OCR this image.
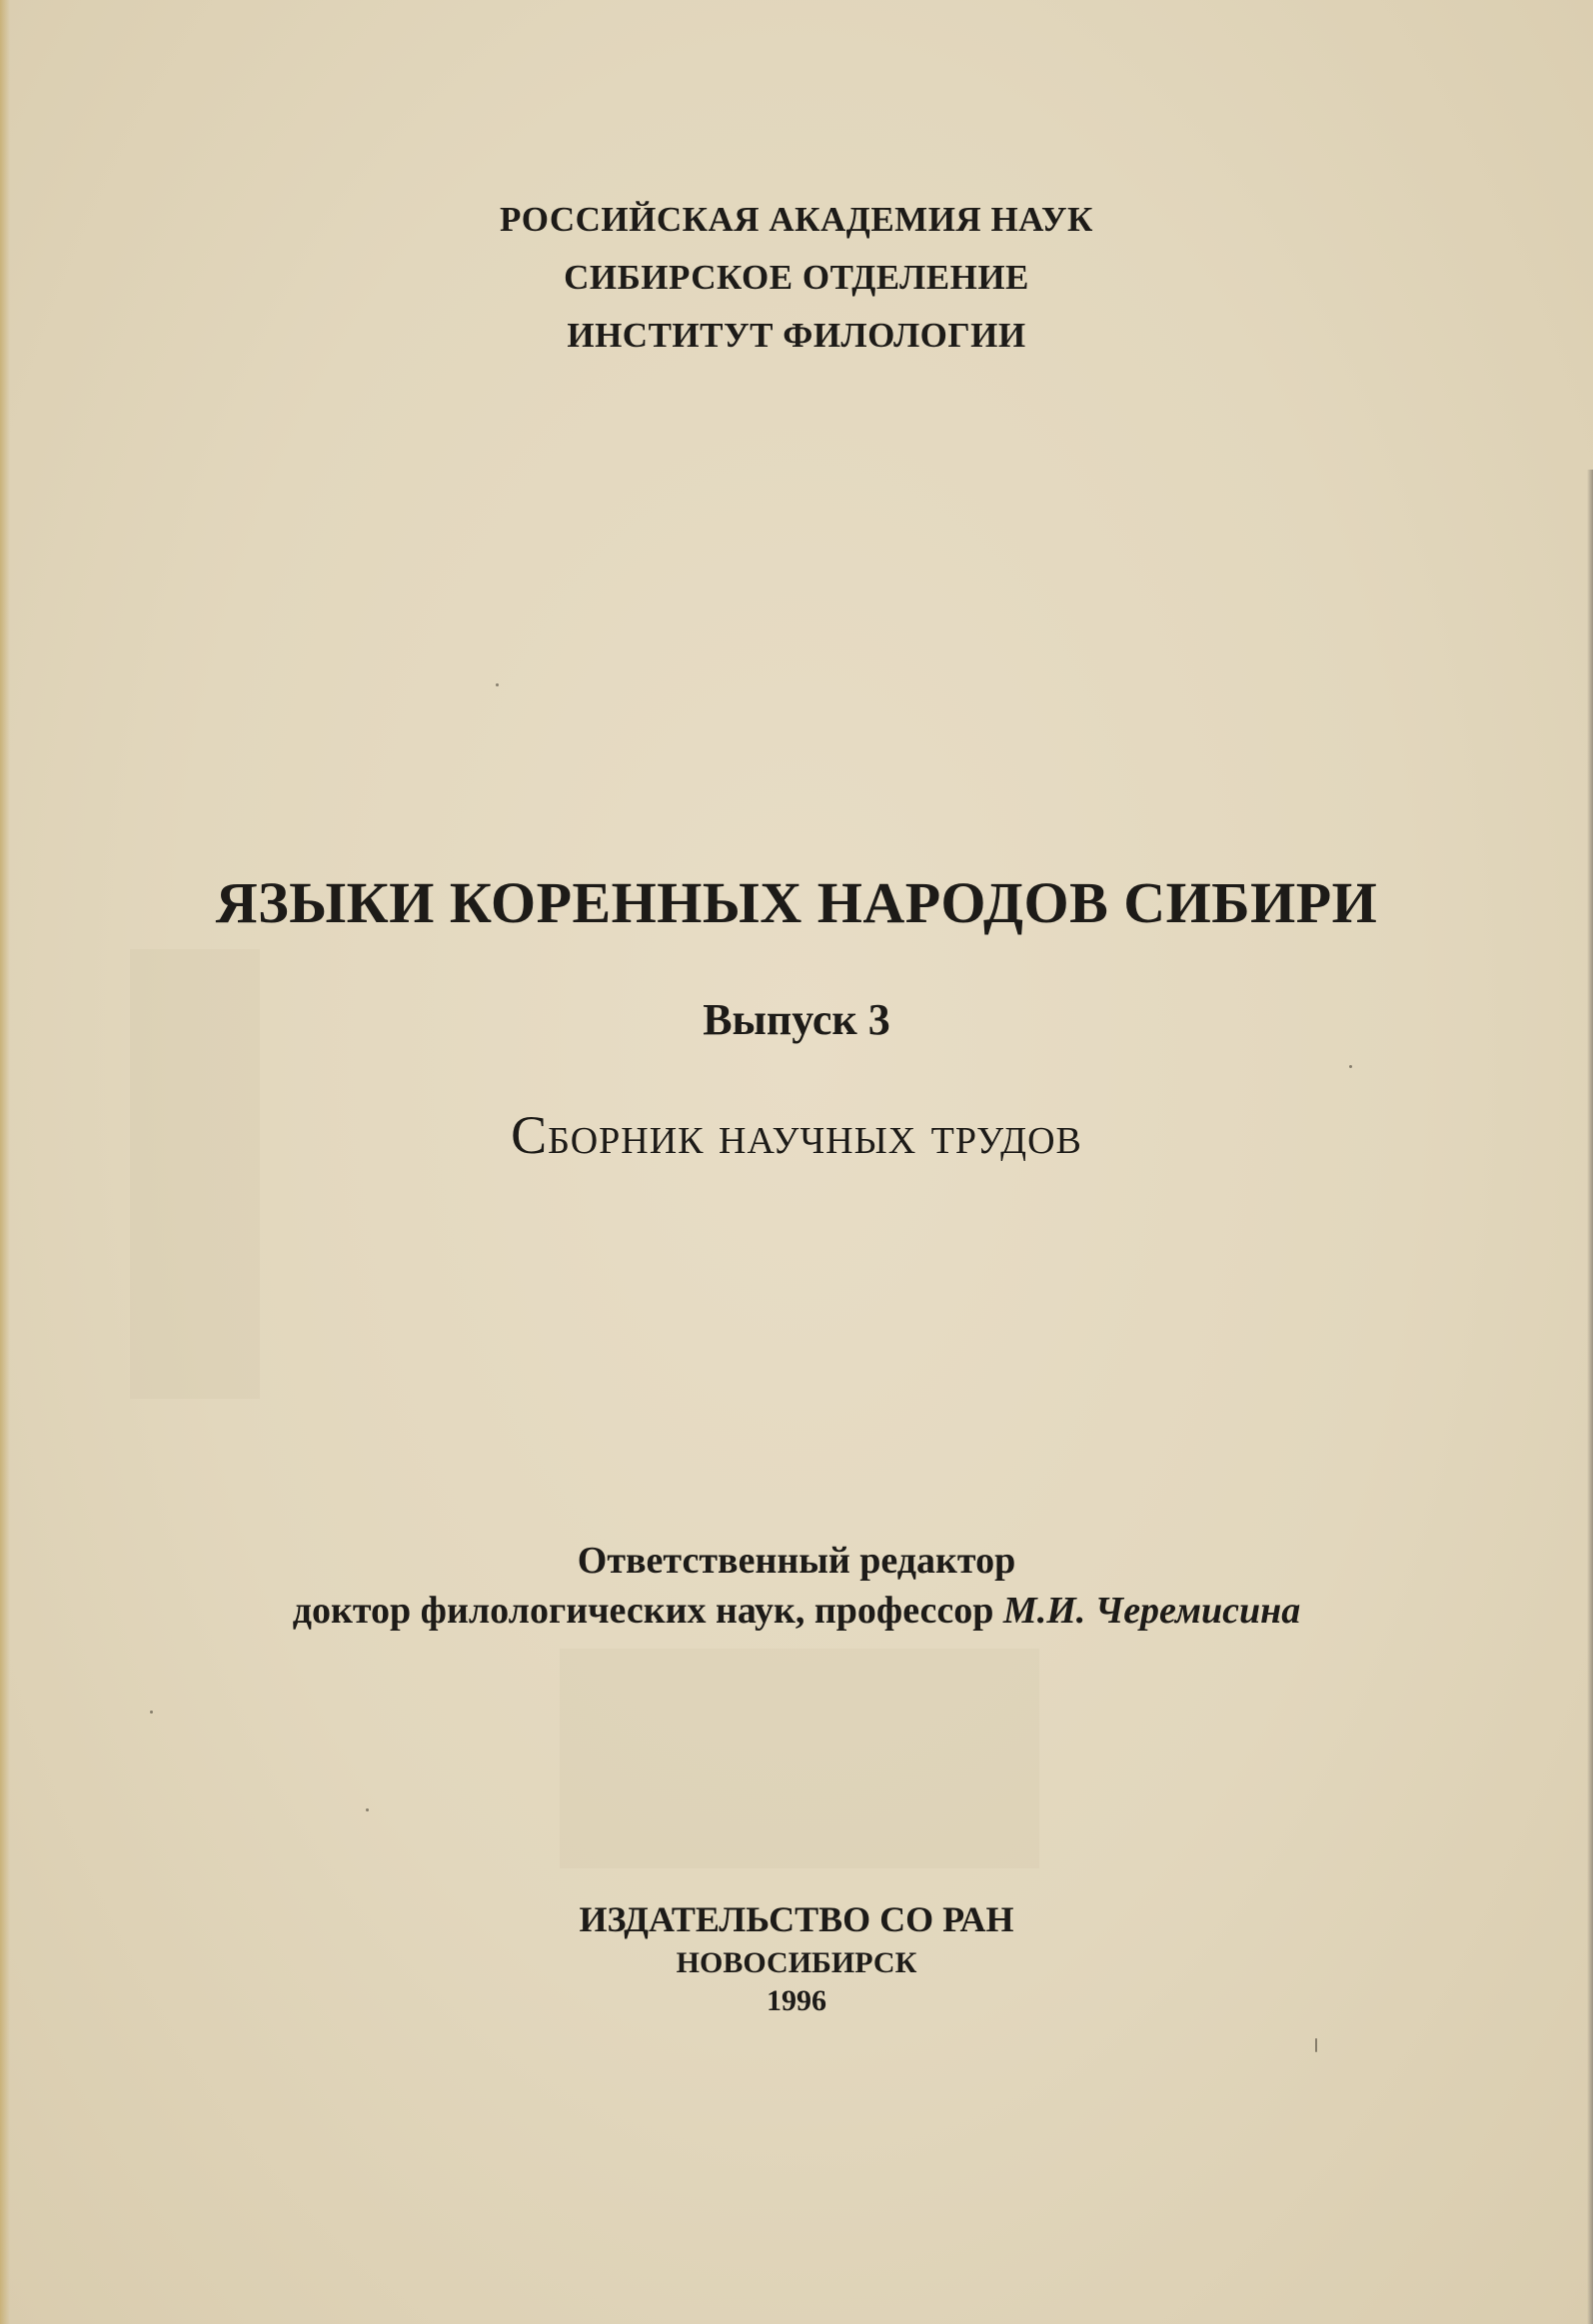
РОССИЙСКАЯ АКАДЕМИЯ НАУК

СИБИРСКОЕ ОТДЕЛЕНИЕ

ИНСТИТУТ ФИЛОЛОГИИ

ЯЗЫКИ КОРЕННЫХ НАРОДОВ СИБИРИ

Выпуск 3

Сборник научных трудов

Ответственный редактор

доктор филологических наук, профессор М.И. Черемисина

ИЗДАТЕЛЬСТВО СО РАН

НОВОСИБИРСК

1996
